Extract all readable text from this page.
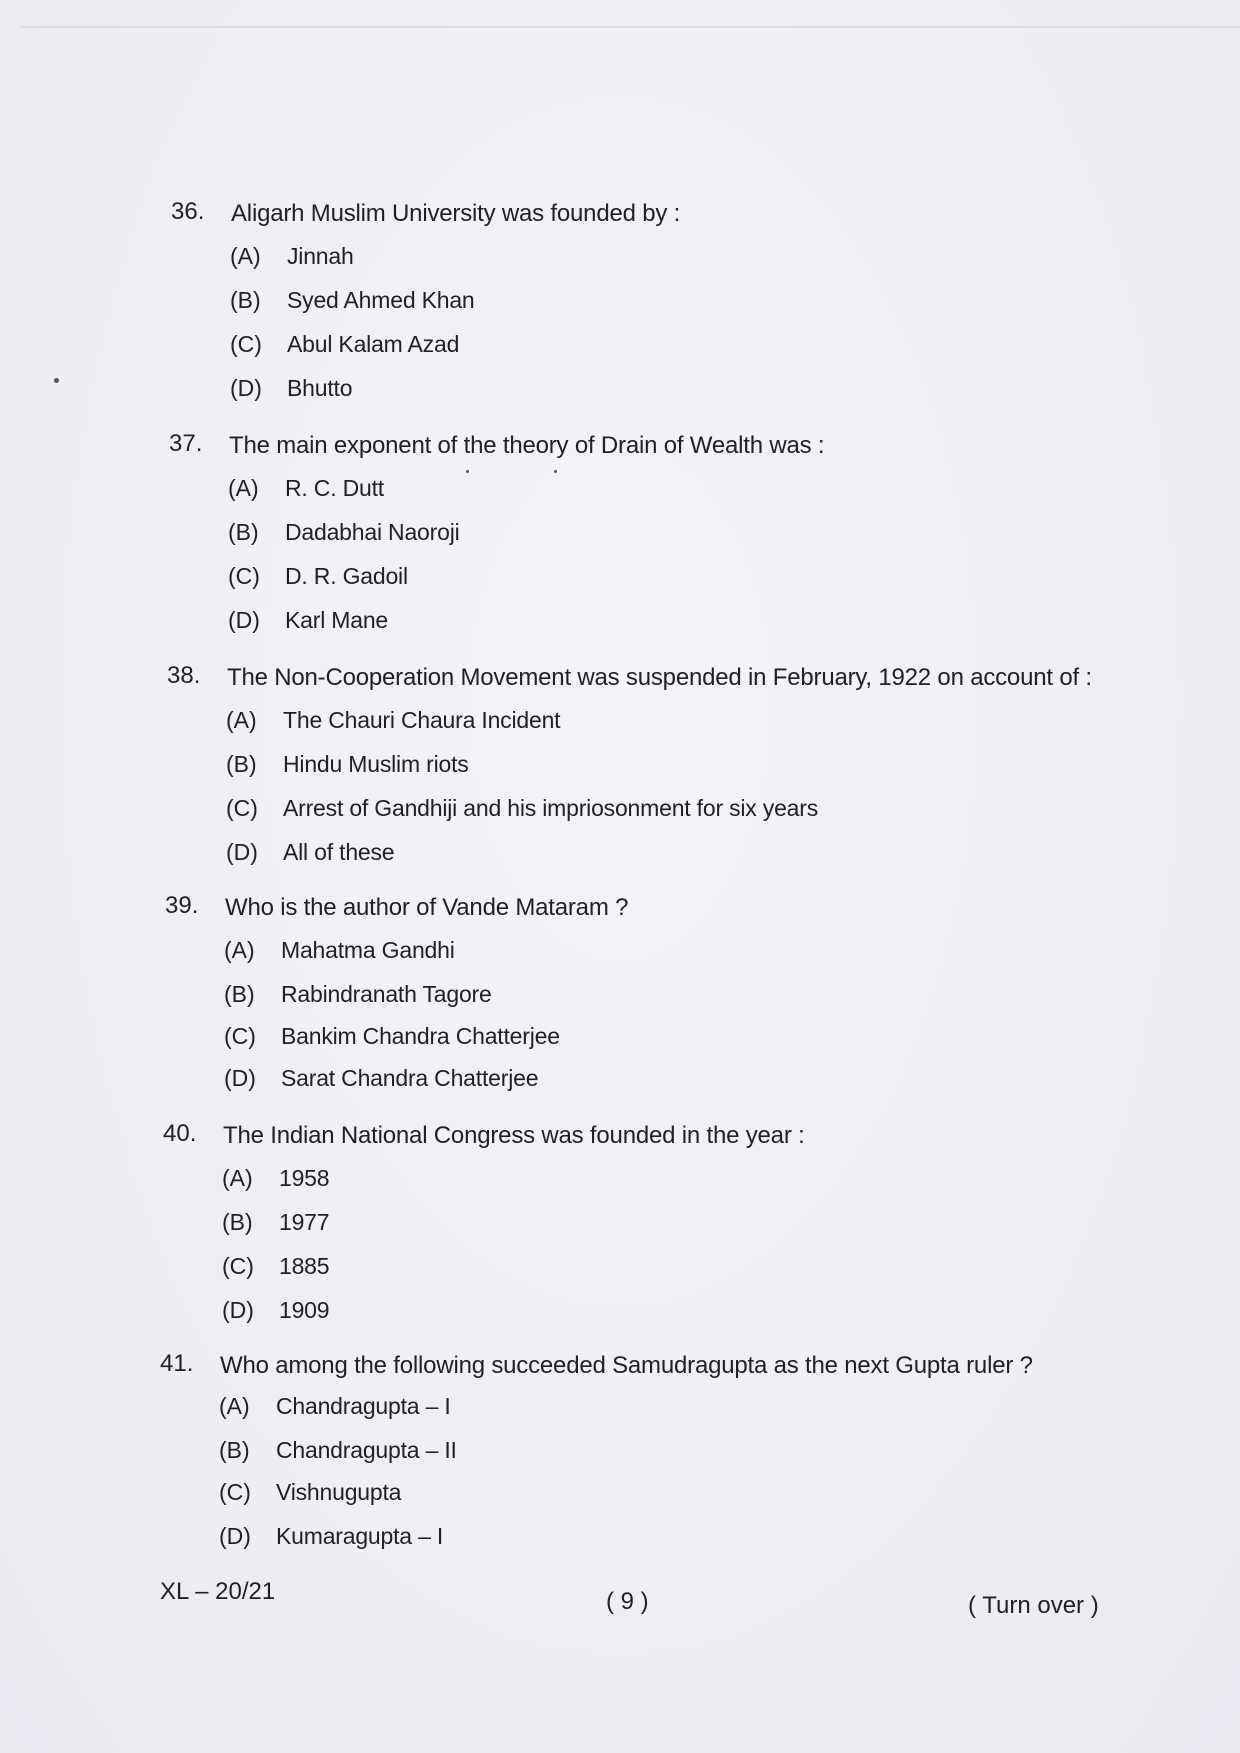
36. Aligarh Muslim University was founded by :
(A) Jinnah
(B) Syed Ahmed Khan
(C) Abul Kalam Azad
(D) Bhutto
37. The main exponent of the theory of Drain of Wealth was :
(A) R. C. Dutt
(B) Dadabhai Naoroji
(C) D. R. Gadoil
(D) Karl Mane
38. The Non-Cooperation Movement was suspended in February, 1922 on account of :
(A) The Chauri Chaura Incident
(B) Hindu Muslim riots
(C) Arrest of Gandhiji and his impriosonment for six years
(D) All of these
39. Who is the author of Vande Mataram ?
(A) Mahatma Gandhi
(B) Rabindranath Tagore
(C) Bankim Chandra Chatterjee
(D) Sarat Chandra Chatterjee
40. The Indian National Congress was founded in the year :
(A) 1958
(B) 1977
(C) 1885
(D) 1909
41. Who among the following succeeded Samudragupta as the next Gupta ruler ?
(A) Chandragupta – I
(B) Chandragupta – II
(C) Vishnugupta
(D) Kumaragupta – I
XL – 20/21	( 9 )	( Turn over )
